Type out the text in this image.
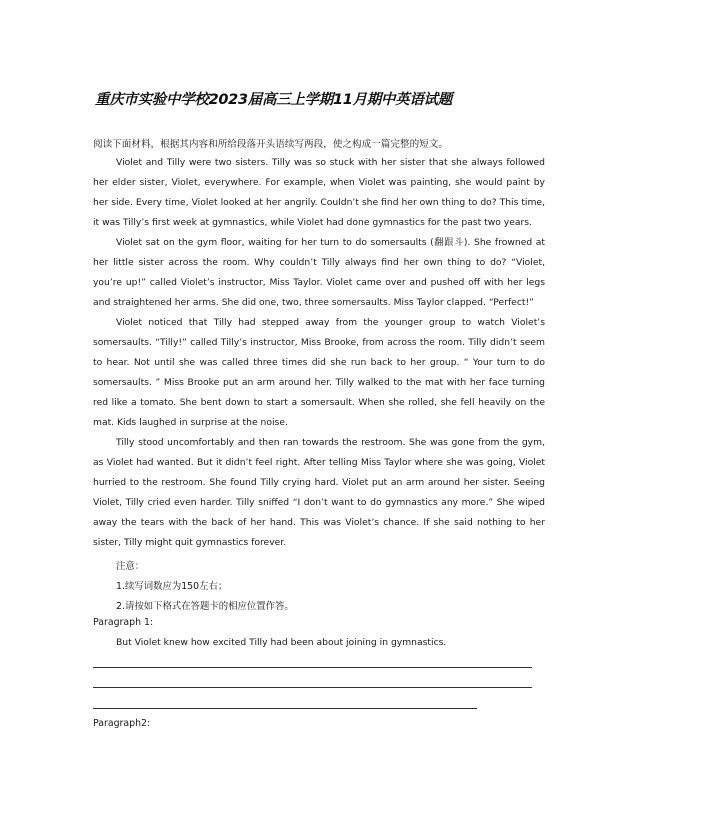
重庆市实验中学校2023届高三上学期11月期中英语试题
阅读下面材料，根据其内容和所给段落开头语续写两段，使之构成一篇完整的短文。

Violet and Tilly were two sisters. Tilly was so stuck with her sister that she always followed her elder sister, Violet, everywhere. For example, when Violet was painting, she would paint by her side. Every time, Violet looked at her angrily. Couldn’t she find her own thing to do? This time, it was Tilly’s first week at gymnastics, while Violet had done gymnastics for the past two years.

Violet sat on the gym floor, waiting for her turn to do somersaults (翻跟斗). She frowned at her little sister across the room. Why couldn’t Tilly always find her own thing to do? “Violet, you’re up!” called Violet’s instructor, Miss Taylor. Violet came over and pushed off with her legs and straightened her arms. She did one, two, three somersaults. Miss Taylor clapped. “Perfect!”

Violet noticed that Tilly had stepped away from the younger group to watch Violet’s somersaults. “Tilly!” called Tilly’s instructor, Miss Brooke, from across the room. Tilly didn’t seem to hear. Not until she was called three times did she run back to her group. “ Your turn to do somersaults. ” Miss Brooke put an arm around her. Tilly walked to the mat with her face turning red like a tomato. She bent down to start a somersault. When she rolled, she fell heavily on the mat. Kids laughed in surprise at the noise.

Tilly stood uncomfortably and then ran towards the restroom. She was gone from the gym, as Violet had wanted. But it didn’t feel right. After telling Miss Taylor where she was going, Violet hurried to the restroom. She found Tilly crying hard. Violet put an arm around her sister. Seeing Violet, Tilly cried even harder. Tilly sniffed “I don’t want to do gymnastics any more.” She wiped away the tears with the back of her hand. This was Violet’s chance. If she said nothing to her sister, Tilly might quit gymnastics forever.

注意：
1.续写词数应为150左右；
2.请按如下格式在答题卡的相应位置作答。
Paragraph 1:
But Violet knew how excited Tilly had been about joining in gymnastics.
Paragraph2:
